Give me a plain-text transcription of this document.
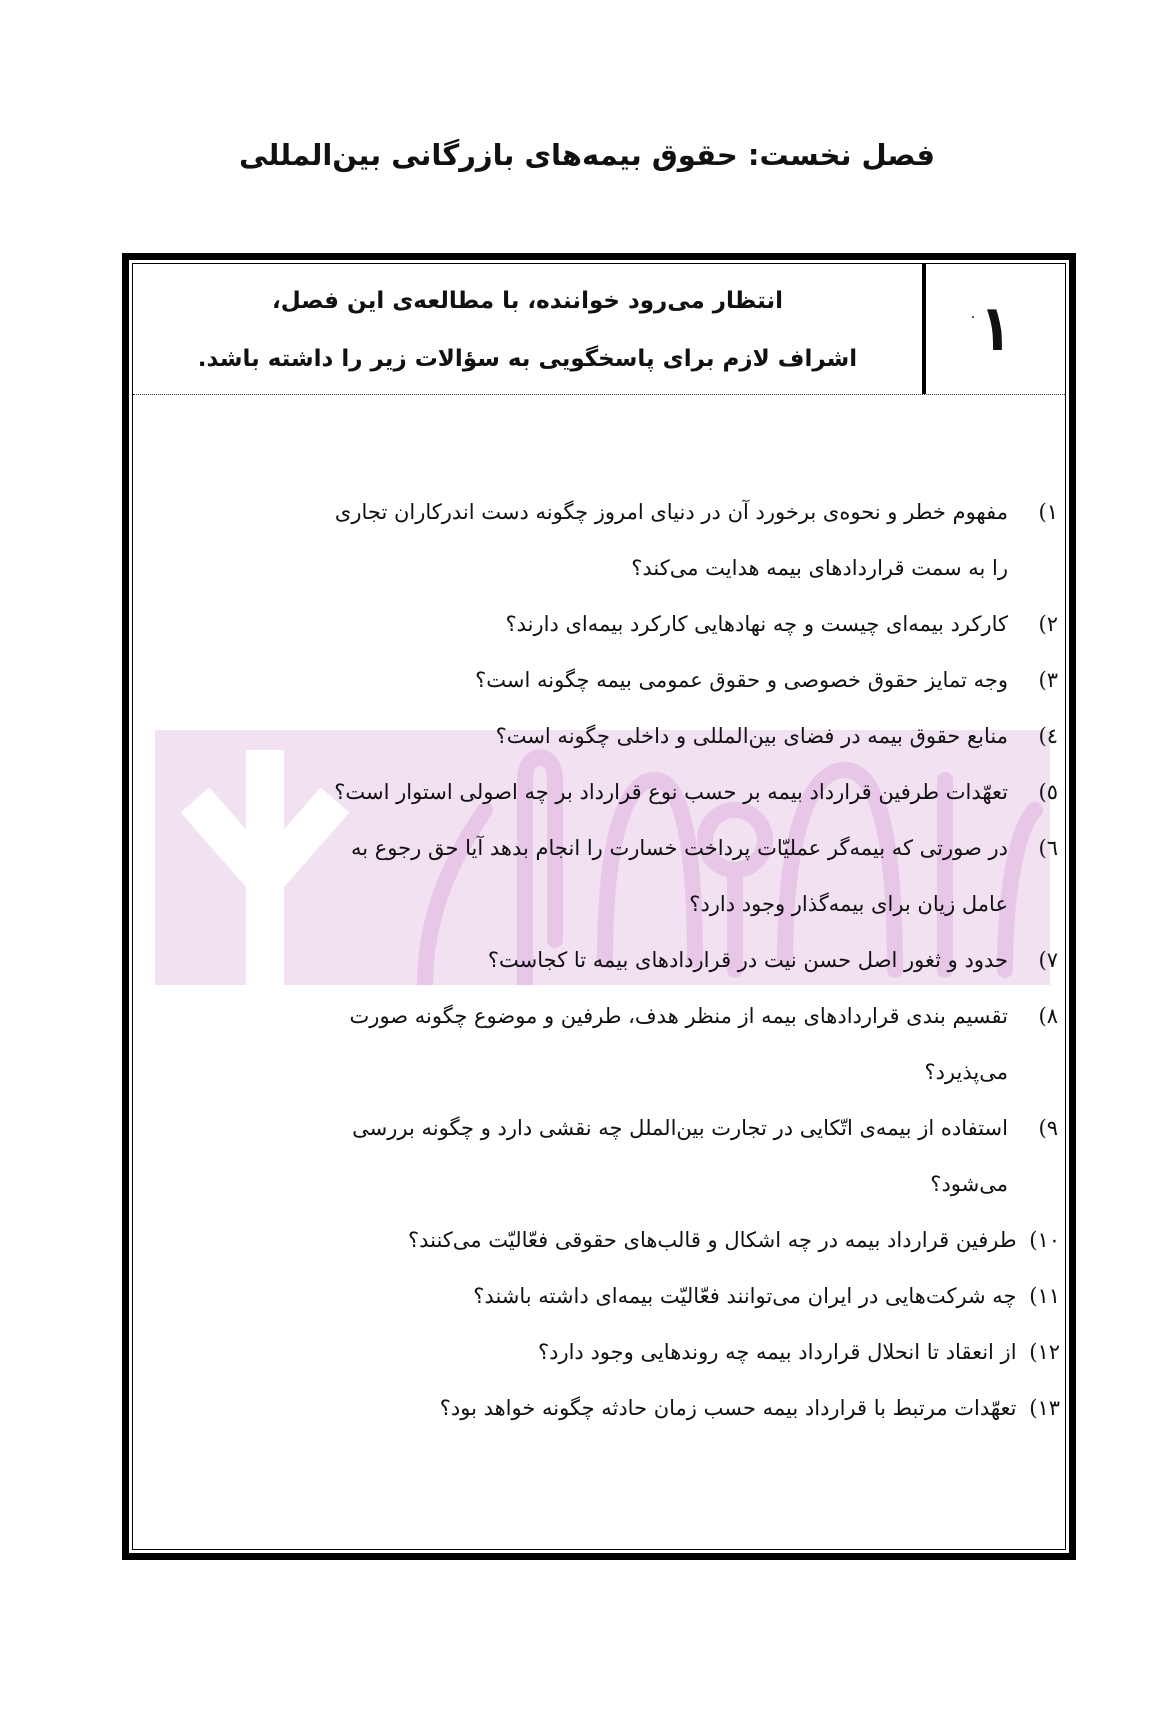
فصل نخست: حقوق بیمه‌های بازرگانی بین‌المللی
انتظار می‌رود خواننده، با مطالعه‌ی این فصل،
اشراف لازم برای پاسخگویی به سؤالات زیر را داشته باشد.	۱
۱)
مفهوم خطر و نحوه‌ی برخورد آن در دنیای امروز چگونه دست اندرکاران تجاری
را به سمت قراردادهای بیمه هدایت می‌کند؟
۲)
کارکرد بیمه‌ای چیست و چه نهادهایی کارکرد بیمه‌ای دارند؟
۳)
وجه تمایز حقوق خصوصی و حقوق عمومی بیمه چگونه است؟
٤)
منابع حقوق بیمه در فضای بین‌المللی و داخلی چگونه است؟
٥)
تعهّدات طرفین قرارداد بیمه بر حسب نوع قرارداد بر چه اصولی استوار است؟
٦)
در صورتی که بیمه‌گر عملیّات پرداخت خسارت را انجام بدهد آیا حق رجوع به
عامل زیان برای بیمه‌گذار وجود دارد؟
۷)
حدود و ثغور اصل حسن نیت در قراردادهای بیمه تا کجاست؟
۸)
تقسیم بندی قراردادهای بیمه از منظر هدف، طرفین و موضوع چگونه صورت
می‌پذیرد؟
۹)
استفاده از بیمه‌ی اتّکایی در تجارت بین‌الملل چه نقشی دارد و چگونه بررسی
می‌شود؟
۱۰) طرفین قرارداد بیمه در چه اشکال و قالب‌های حقوقی فعّالیّت می‌کنند؟
۱۱) چه شرکت‌هایی در ایران می‌توانند فعّالیّت بیمه‌ای داشته باشند؟
۱۲) از انعقاد تا انحلال قرارداد بیمه چه روندهایی وجود دارد؟
۱۳) تعهّدات مرتبط با قرارداد بیمه حسب زمان حادثه چگونه خواهد بود؟
